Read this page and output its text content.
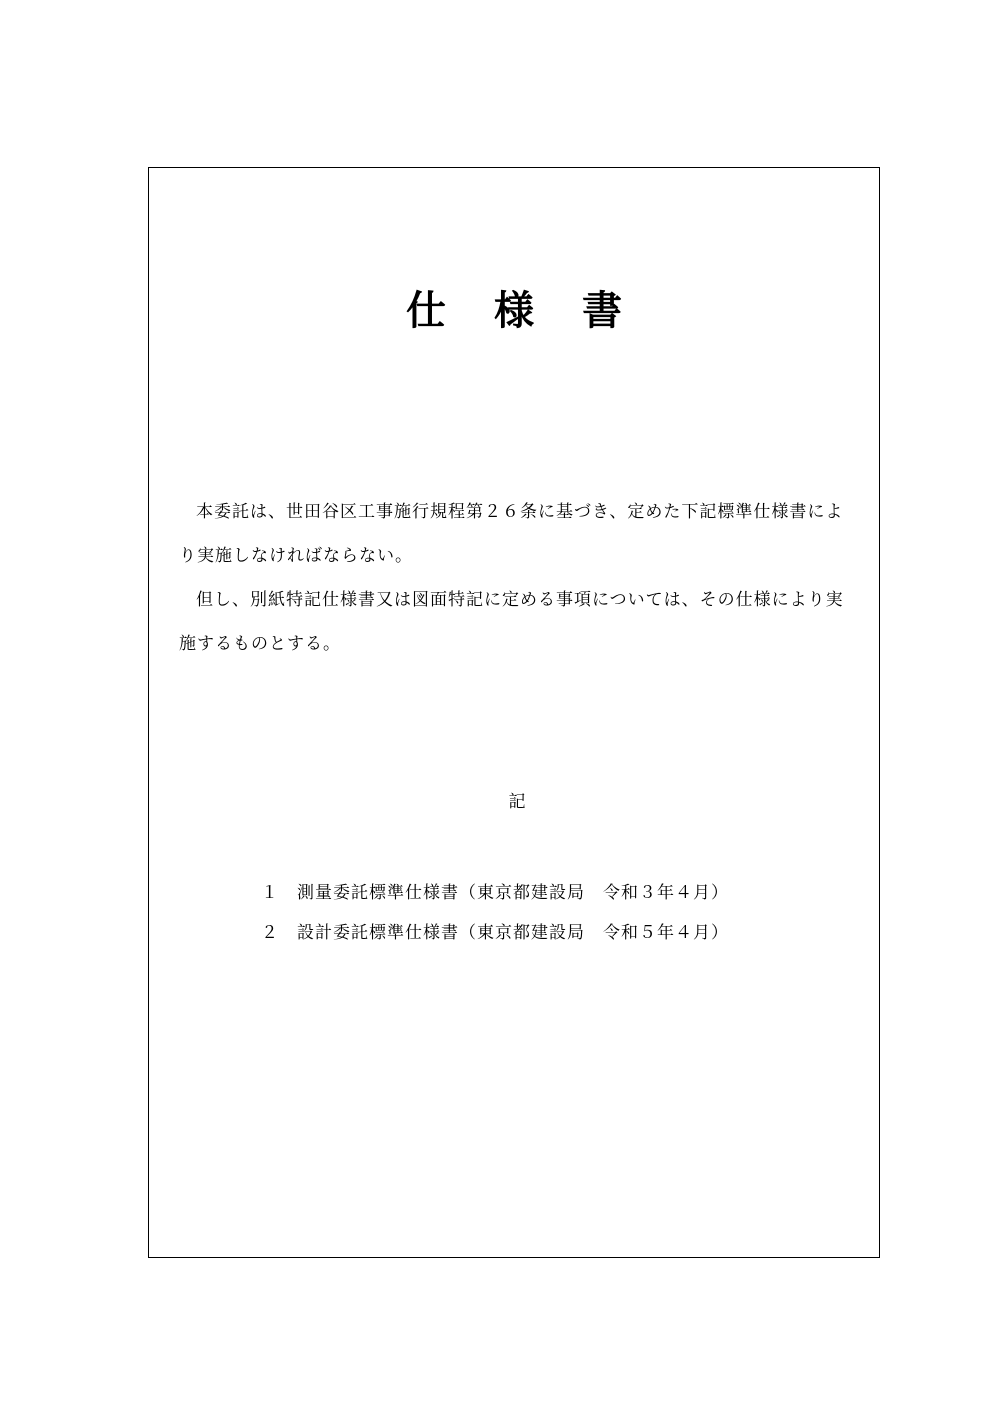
仕様書

本委託は、世田谷区工事施行規程第２６条に基づき、定めた下記標準仕様書により実施しなければならない。

但し、別紙特記仕様書又は図面特記に定める事項については、その仕様により実施するものとする。

記
１	測量委託標準仕様書（東京都建設局　令和３年４月）
２	設計委託標準仕様書（東京都建設局　令和５年４月）
